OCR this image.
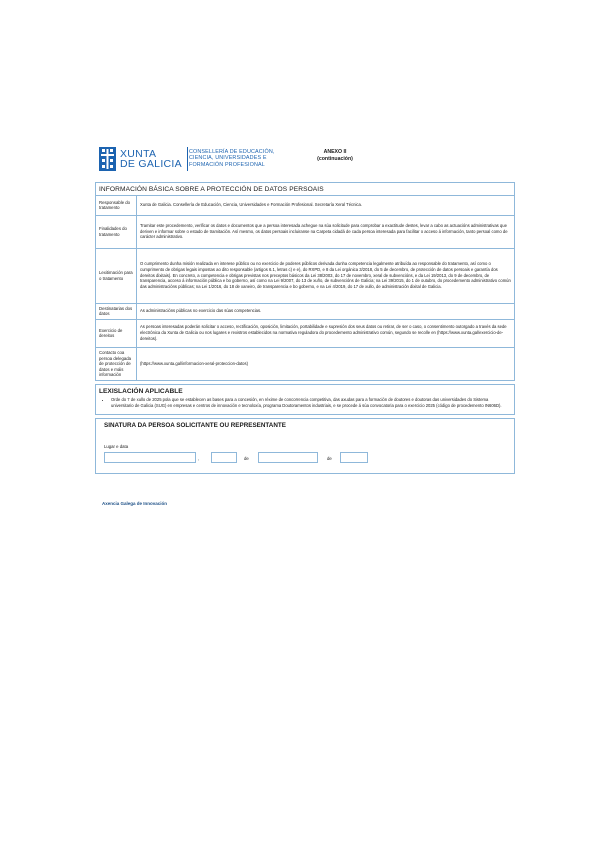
XUNTA
DE GALICIA
CONSELLERÍA DE EDUCACIÓN,
CIENCIA, UNIVERSIDADES E
FORMACIÓN PROFESIONAL
ANEXO II
(continuación)
INFORMACIÓN BÁSICA SOBRE A PROTECCIÓN DE DATOS PERSOAIS
Responsable do tratamento	Xunta de Galicia. Consellería de Educación, Ciencia, Universidades e Formación Profesional. Secretaría Xeral Técnica.
Finalidades do tratamento	Tramitar este procedemento, verificar os datos e documentos que a persoa interesada achegue na súa solicitude para comprobar a exactitude destes, levar a cabo as actuacións administrativas que deriven e informar sobre o estado de tramitación. Así mesmo, os datos persoais incluiranse na Carpeta cidadá de cada persoa interesada para facilitar o acceso á información, tanto persoal como de carácter administrativo.
Lexitimación para o tratamento	O cumprimento dunha misión realizada en interese público ou no exercicio de poderes públicos derivada dunha competencia legalmente atribuída ao responsable do tratamento, así como o cumprimento de obrigas legais impostas ao dito responsable (artigos 6.1, letras c) e e), do RXPD, e 8 da Lei orgánica 3/2018, do 5 de decembro, de protección de datos persoais e garantía dos dereitos dixitais). En concreto, a competencia e obrigas previstas nos preceptos básicos da Lei 38/2003, do 17 de novembro, xeral de subvencións, e da Lei 19/2013, do 9 de decembro, de transparencia, acceso á información pública e bo goberno, así como na Lei 9/2007, do 13 de xuño, de subvencións de Galicia; na Lei 39/2015, do 1 de outubro, do procedemento administrativo común das administracións públicas; na Lei 1/2016, do 18 de xaneiro, de transparencia e bo goberno, e na Lei 4/2019, do 17 de xullo, de administración dixital de Galicia.
Destinatarias dos datos	As administracións públicas no exercicio das súas competencias.
Exercicio de dereitos	As persoas interesadas poderán solicitar o acceso, rectificación, oposición, limitación, portabilidade e supresión dos seus datos ou retirar, de ser o caso, o consentimento outorgado a través da sede electrónica da Xunta de Galicia ou nos lugares e rexistros establecidos na normativa reguladora do procedemento administrativo común, segundo se recolle en (https://www.xunta.gal/exercicio-de-dereitos).
Contacto coa persoa delegada de protección de datos e máis información	(https://www.xunta.gal/informacion-xeral-proteccion-datos)
LEXISLACIÓN APLICABLE
• Orde do 7 de xullo de 2025 pola que se establecen as bases para a concesión, en réxime de concorrencia competitiva, das axudas para a formación de doutores e doutoras das universidades do Sistema universitario de Galicia (SUG) en empresas e centros de innovación e tecnoloxía, programa Doutoramentos industriais, e se procede á súa convocatoria para o exercicio 2025 (código de procedemento IN606D).
SINATURA DA PERSOA SOLICITANTE OU REPRESENTANTE
Lugar e data
,	de	de
Axencia Galega de Innovación
